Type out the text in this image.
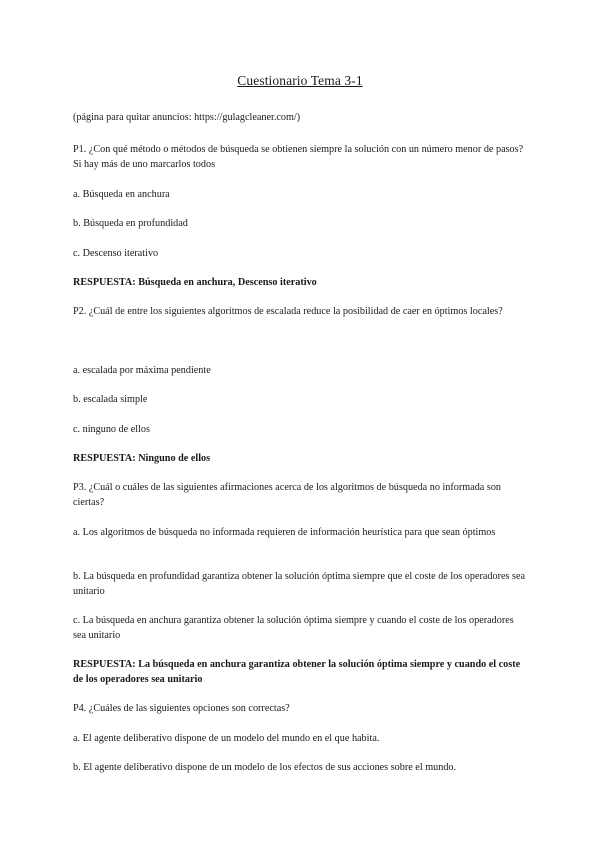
Cuestionario Tema 3-1

(página para quitar anuncios: https://gulagcleaner.com/)

P1. ¿Con qué método o métodos de búsqueda se obtienen siempre la solución con un número menor de pasos? Si hay más de uno marcarlos todos

a. Búsqueda en anchura

b. Búsqueda en profundidad

c. Descenso iterativo

RESPUESTA: Búsqueda en anchura, Descenso iterativo

P2. ¿Cuál de entre los siguientes algoritmos de escalada reduce la posibilidad de caer en óptimos locales?

a. escalada por máxima pendiente

b. escalada simple

c. ninguno de ellos

RESPUESTA: Ninguno de ellos

P3. ¿Cuál o cuáles de las siguientes afirmaciones acerca de los algoritmos de búsqueda no informada son ciertas?

a. Los algoritmos de búsqueda no informada requieren de información heurística para que sean óptimos

b. La búsqueda en profundidad garantiza obtener la solución óptima siempre que el coste de los operadores sea unitario

c. La búsqueda en anchura garantiza obtener la solución óptima siempre y cuando el coste de los operadores sea unitario

RESPUESTA: La búsqueda en anchura garantiza obtener la solución óptima siempre y cuando el coste de los operadores sea unitario

P4. ¿Cuáles de las siguientes opciones son correctas?

a. El agente deliberativo dispone de un modelo del mundo en el que habita.

b. El agente deliberativo dispone de un modelo de los efectos de sus acciones sobre el mundo.
